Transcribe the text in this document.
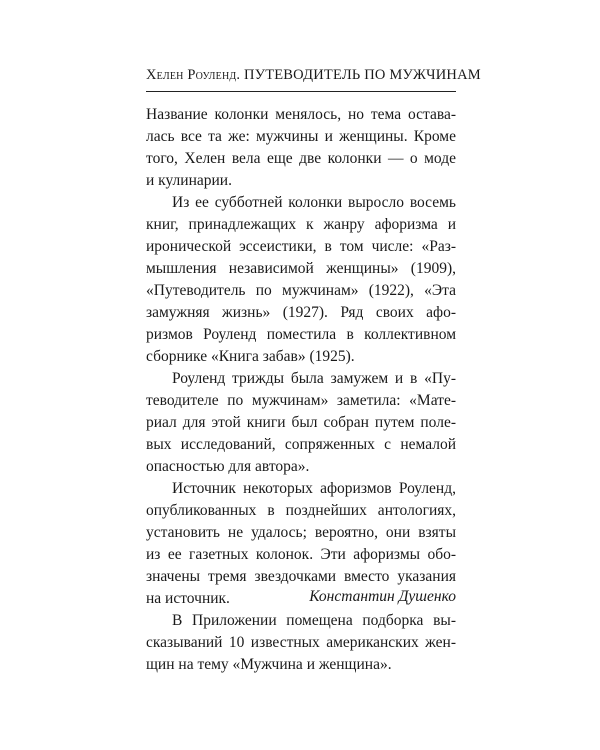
Хелен Роуленд. ПУТЕВОДИТЕЛЬ ПО МУЖЧИНАМ

Название колонки менялось, но тема остава-
лась все та же: мужчины и женщины. Кроме
того, Хелен вела еще две колонки — о моде
и кулинарии.

Из ее субботней колонки выросло восемь
книг, принадлежащих к жанру афоризма и
иронической эссеистики, в том числе: «Раз-
мышления независимой женщины» (1909),
«Путеводитель по мужчинам» (1922), «Эта
замужняя жизнь» (1927). Ряд своих афо-
ризмов Роуленд поместила в коллективном
сборнике «Книга забав» (1925).

Роуленд трижды была замужем и в «Пу-
теводителе по мужчинам» заметила: «Мате-
риал для этой книги был собран путем поле-
вых исследований, сопряженных с немалой
опасностью для автора».

Источник некоторых афоризмов Роуленд,
опубликованных в позднейших антологиях,
установить не удалось; вероятно, они взяты
из ее газетных колонок. Эти афоризмы обо-
значены тремя звездочками вместо указания
на источник.

В Приложении помещена подборка вы-
сказываний 10 известных американских жен-
щин на тему «Мужчина и женщина».

Константин Душенко
